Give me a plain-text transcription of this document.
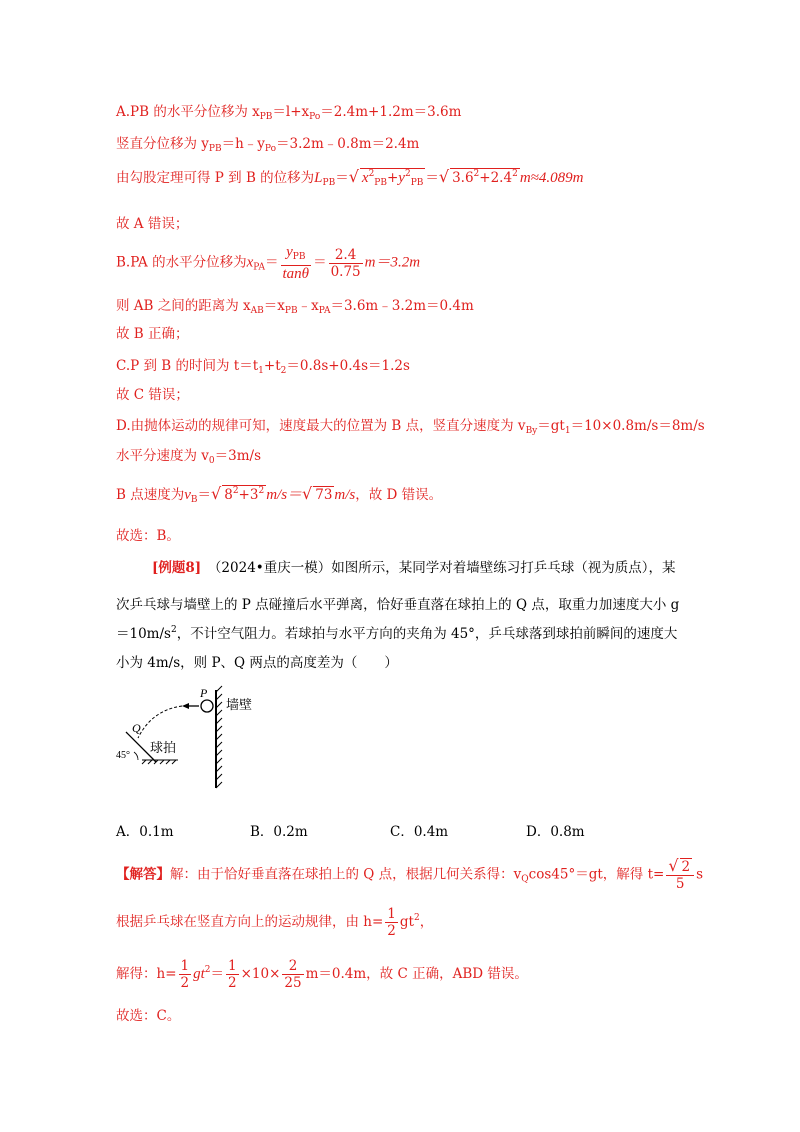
A.PB 的水平分位移为 $x_{PB}=l+x_{Po}=2.4m+1.2m=3.6m$
竖直分位移为 $y_{PB}=h﹣y_{Po}=3.2m﹣0.8m=2.4m$
由勾股定理可得 P 到 B 的位移为$L_{PB}=√$ $x^2_{PB}+y^2_{PB}$ ＝√ $3.6^2+2.4^2$ m≈4.089m
故 A 错误；
B.PA 的水平分位移为$x_{PA}= \frac{y_{PB}}{\tan\theta} = \frac{2.4}{0.75} m=3.2m$
则 AB 之间的距离为 $x_{AB}=x_{PB}﹣x_{PA}=3.6m﹣3.2m=0.4m$
故 B 正确；
C.P 到 B 的时间为 $t=t_1+t_2=0.8s+0.4s=1.2s$
故 C 错误；
D.由抛体运动的规律可知，速度最大的位置为 B 点，竖直分速度为 $v_{By}=gt_1=10\times 0.8m/s=8m/s$
水平分速度为 $v_0=3m/s$
B 点速度为$v_B=√$ $8^2+3^2$ m/s＝√ 73 m/s，故 D 错误。
故选：B。
[例题8]　 （2024•重庆一模）如图所示，某同学对着墙壁练习打乒乓球（视为质点），某
次乒乓球与墙壁上的 P 点碰撞后水平弹离，恰好垂直落在球拍上的 Q 点，取重力加速度大小 g
$=10m/s^2$，不计空气阻力。若球拍与水平方向的夹角为 45°，乒乓球落到球拍前瞬间的速度大
小为 4m/s，则 P、Q 两点的高度差为（　　）
P
墙壁
Q
球拍
45°
A．0.1m	B．0.2m	C．0.4m	D．0.8m
【解答】解：由于恰好垂直落在球拍上的 Q 点，根据几何关系得：$v_Q\cos 45^\circ=gt$，解得 $t= \frac{√ 2}{5}$ s
根据乒乓球在竖直方向上的运动规律，由 $h= \frac{1}{2} gt^2$，
解得：$h= \frac{1}{2} gt^2= \frac{1}{2} \times 10\times \frac{2}{25} m=0.4m$，故 C 正确，ABD 错误。
故选：C。
